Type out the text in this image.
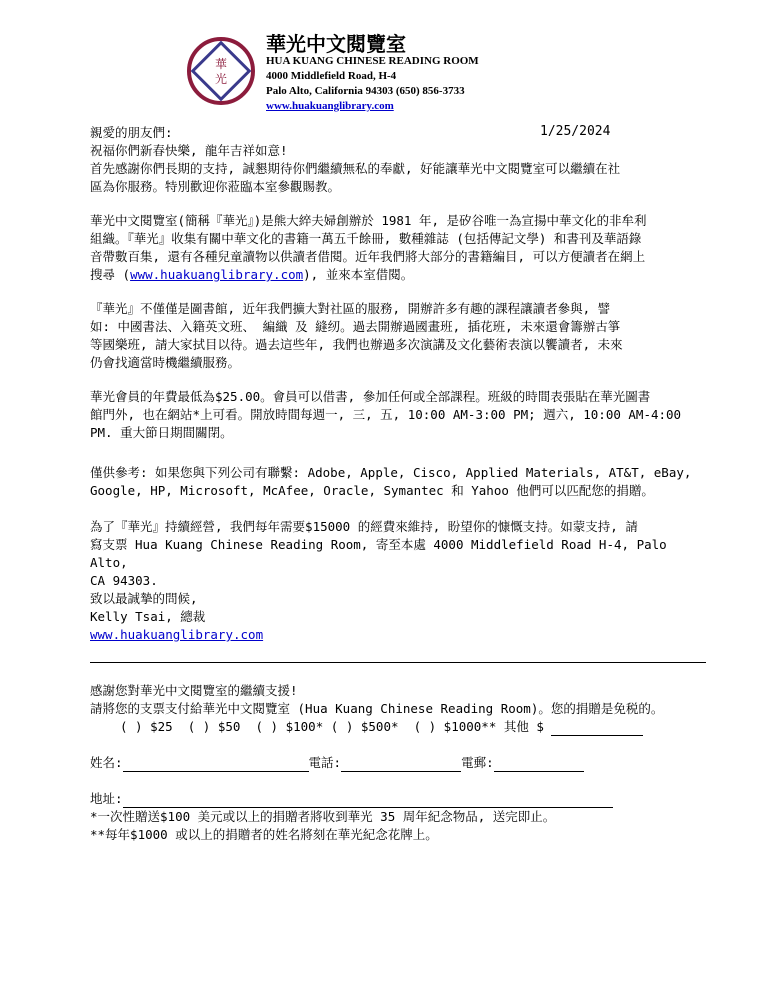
華
光
華光中文閱覽室
HUA KUANG CHINESE READING ROOM
4000 Middlefield Road, H-4
Palo Alto, California 94303 (650) 856-3733
www.huakuanglibrary.com
親愛的朋友們:	1/25/2024

祝福你們新春快樂, 龍年吉祥如意!

首先感謝你們長期的支持, 誠懇期待你們繼續無私的奉獻, 好能讓華光中文閱覽室可以繼續在社

區為你服務。特別歡迎你蒞臨本室參觀賜教。

華光中文閱覽室(簡稱『華光』)是熊大綷夫婦創辦於 1981 年, 是矽谷唯一為宣揚中華文化的非牟利

組織。『華光』收集有關中華文化的書籍一萬五千餘冊, 數種雜誌 (包括傳記文學) 和書刊及華語錄

音帶數百集, 還有各種兒童讀物以供讀者借閱。近年我們將大部分的書籍編目, 可以方便讀者在網上

搜尋 (www.huakuanglibrary.com), 並來本室借閱。

『華光』不僅僅是圖書館, 近年我們擴大對社區的服務, 開辦許多有趣的課程讓讀者參與, 譬

如: 中國書法、入籍英文班、 編織 及 縫纫。過去開辦過國畫班, 插花班, 未來還會籌辦古箏

等國樂班, 請大家拭目以待。過去這些年, 我們也辦過多次演講及文化藝術表演以饗讀者, 未來

仍會找適當時機繼續服務。

華光會員的年費最低為$25.00。會員可以借書, 參加任何或全部課程。班級的時間表張貼在華光圖書

館門外, 也在網站*上可看。開放時間每週一, 三, 五, 10:00 AM-3:00 PM; 週六, 10:00 AM-4:00

PM. 重大節日期間關閉。

僅供參考: 如果您與下列公司有聯繫: Adobe, Apple, Cisco, Applied Materials, AT&T, eBay,

Google, HP, Microsoft, McAfee, Oracle, Symantec 和 Yahoo 他們可以匹配您的捐贈。

為了『華光』持續經營, 我們每年需要$15000 的經費來維持, 盼望你的慷慨支持。如蒙支持, 請

寫支票 Hua Kuang Chinese Reading Room, 寄至本處 4000 Middlefield Road H-4, Palo Alto,

CA 94303.

致以最誠摯的問候,

Kelly Tsai, 總裁

www.huakuanglibrary.com

感謝您對華光中文閱覽室的繼續支援!
請將您的支票支付給華光中文閱覽室 (Hua Kuang Chinese Reading Room)。您的捐贈是免税的。
( ) $25 ( ) $50 ( ) $100* ( ) $500* ( ) $1000** 其他 $
姓名:	電話:	電郵:
地址:

*一次性贈送$100 美元或以上的捐贈者將收到華光 35 周年紀念物品, 送完即止。

**每年$1000 或以上的捐贈者的姓名將刻在華光紀念花牌上。
